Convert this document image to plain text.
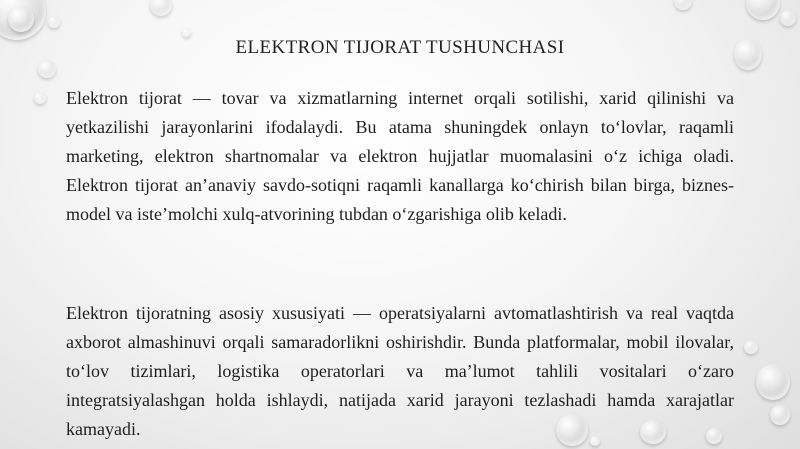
ELEKTRON TIJORAT TUSHUNCHASI

Elektron tijorat — tovar va xizmatlarning internet orqali sotilishi, xarid qilinishi va yetkazilishi jarayonlarini ifodalaydi. Bu atama shuningdek onlayn to‘lovlar, raqamli marketing, elektron shartnomalar va elektron hujjatlar muomalasini o‘z ichiga oladi. Elektron tijorat an’anaviy savdo-sotiqni raqamli kanallarga ko‘chirish bilan birga, biznes-model va iste’molchi xulq-atvorining tubdan o‘zgarishiga olib keladi.

Elektron tijoratning asosiy xususiyati — operatsiyalarni avtomatlashtirish va real vaqtda axborot almashinuvi orqali samaradorlikni oshirishdir. Bunda platformalar, mobil ilovalar, to‘lov tizimlari, logistika operatorlari va ma’lumot tahlili vositalari o‘zaro integratsiyalashgan holda ishlaydi, natijada xarid jarayoni tezlashadi hamda xarajatlar kamayadi.
